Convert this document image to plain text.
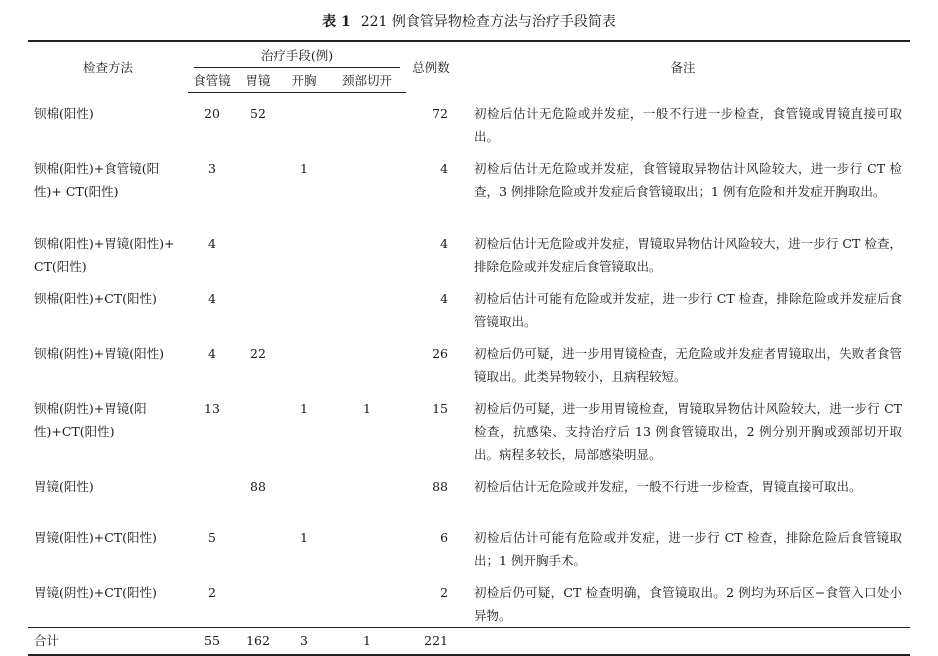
表 1 221 例食管异物检查方法与治疗手段简表
检查方法	治疗手段(例)				总例数	备注
	食管镜	胃镜	开胸	颈部切开		
钡棉(阳性)	20	52			72	初检后估计无危险或并发症，一般不行进一步检查，食管镜或胃镜直接可取出。
钡棉(阳性)+食管镜(阳性)+ CT(阳性)	3		1		4	初检后估计无危险或并发症，食管镜取异物估计风险较大，进一步行 CT 检查，3 例排除危险或并发症后食管镜取出；1 例有危险和并发症开胸取出。
钡棉(阳性)+胃镜(阳性)+ CT(阳性)	4				4	初检后估计无危险或并发症，胃镜取异物估计风险较大，进一步行 CT 检查，排除危险或并发症后食管镜取出。
钡棉(阳性)+CT(阳性)	4				4	初检后估计可能有危险或并发症，进一步行 CT 检查，排除危险或并发症后食管镜取出。
钡棉(阴性)+胃镜(阳性)	4	22			26	初检后仍可疑，进一步用胃镜检查，无危险或并发症者胃镜取出，失败者食管镜取出。此类异物较小，且病程较短。
钡棉(阴性)+胃镜(阳性)+CT(阳性)	13		1	1	15	初检后仍可疑，进一步用胃镜检查，胃镜取异物估计风险较大，进一步行 CT 检查，抗感染、支持治疗后 13 例食管镜取出，2 例分别开胸或颈部切开取出。病程多较长，局部感染明显。
胃镜(阳性)		88			88	初检后估计无危险或并发症，一般不行进一步检查，胃镜直接可取出。
胃镜(阳性)+CT(阳性)	5		1		6	初检后估计可能有危险或并发症，进一步行 CT 检查，排除危险后食管镜取出；1 例开胸手术。
胃镜(阴性)+CT(阳性)	2				2	初检后仍可疑，CT 检查明确，食管镜取出。2 例均为环后区−食管入口处小异物。
合计	55	162	3	1	221	
